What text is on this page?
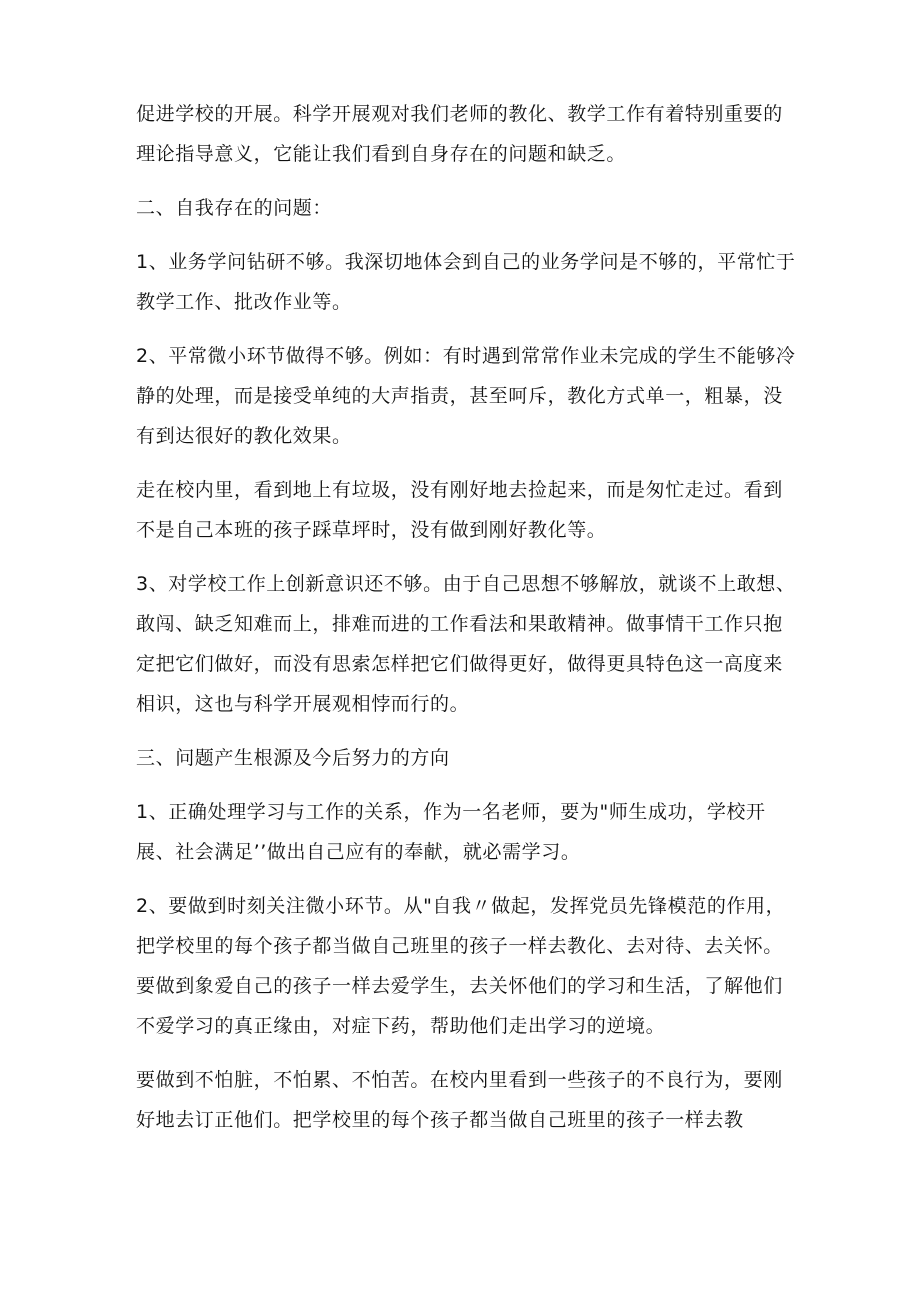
促进学校的开展。科学开展观对我们老师的教化、教学工作有着特别重要的理论指导意义，它能让我们看到自身存在的问题和缺乏。

二、自我存在的问题：

1、业务学问钻研不够。我深切地体会到自己的业务学问是不够的，平常忙于教学工作、批改作业等。

2、平常微小环节做得不够。例如：有时遇到常常作业未完成的学生不能够冷静的处理，而是接受单纯的大声指责，甚至呵斥，教化方式单一，粗暴，没有到达很好的教化效果。

走在校内里，看到地上有垃圾，没有刚好地去捡起来，而是匆忙走过。看到不是自己本班的孩子踩草坪时，没有做到刚好教化等。

3、对学校工作上创新意识还不够。由于自己思想不够解放，就谈不上敢想、敢闯、缺乏知难而上，排难而进的工作看法和果敢精神。做事情干工作只抱定把它们做好，而没有思索怎样把它们做得更好，做得更具特色这一高度来相识，这也与科学开展观相悖而行的。

三、问题产生根源及今后努力的方向

1、正确处理学习与工作的关系，作为一名老师，要为"师生成功，学校开展、社会满足’’做出自己应有的奉献，就必需学习。

2、要做到时刻关注微小环节。从"自我〃做起，发挥党员先锋模范的作用，把学校里的每个孩子都当做自己班里的孩子一样去教化、去对待、去关怀。要做到象爱自己的孩子一样去爱学生，去关怀他们的学习和生活，了解他们不爱学习的真正缘由，对症下药，帮助他们走出学习的逆境。

要做到不怕脏，不怕累、不怕苦。在校内里看到一些孩子的不良行为，要刚好地去订正他们。把学校里的每个孩子都当做自己班里的孩子一样去教
